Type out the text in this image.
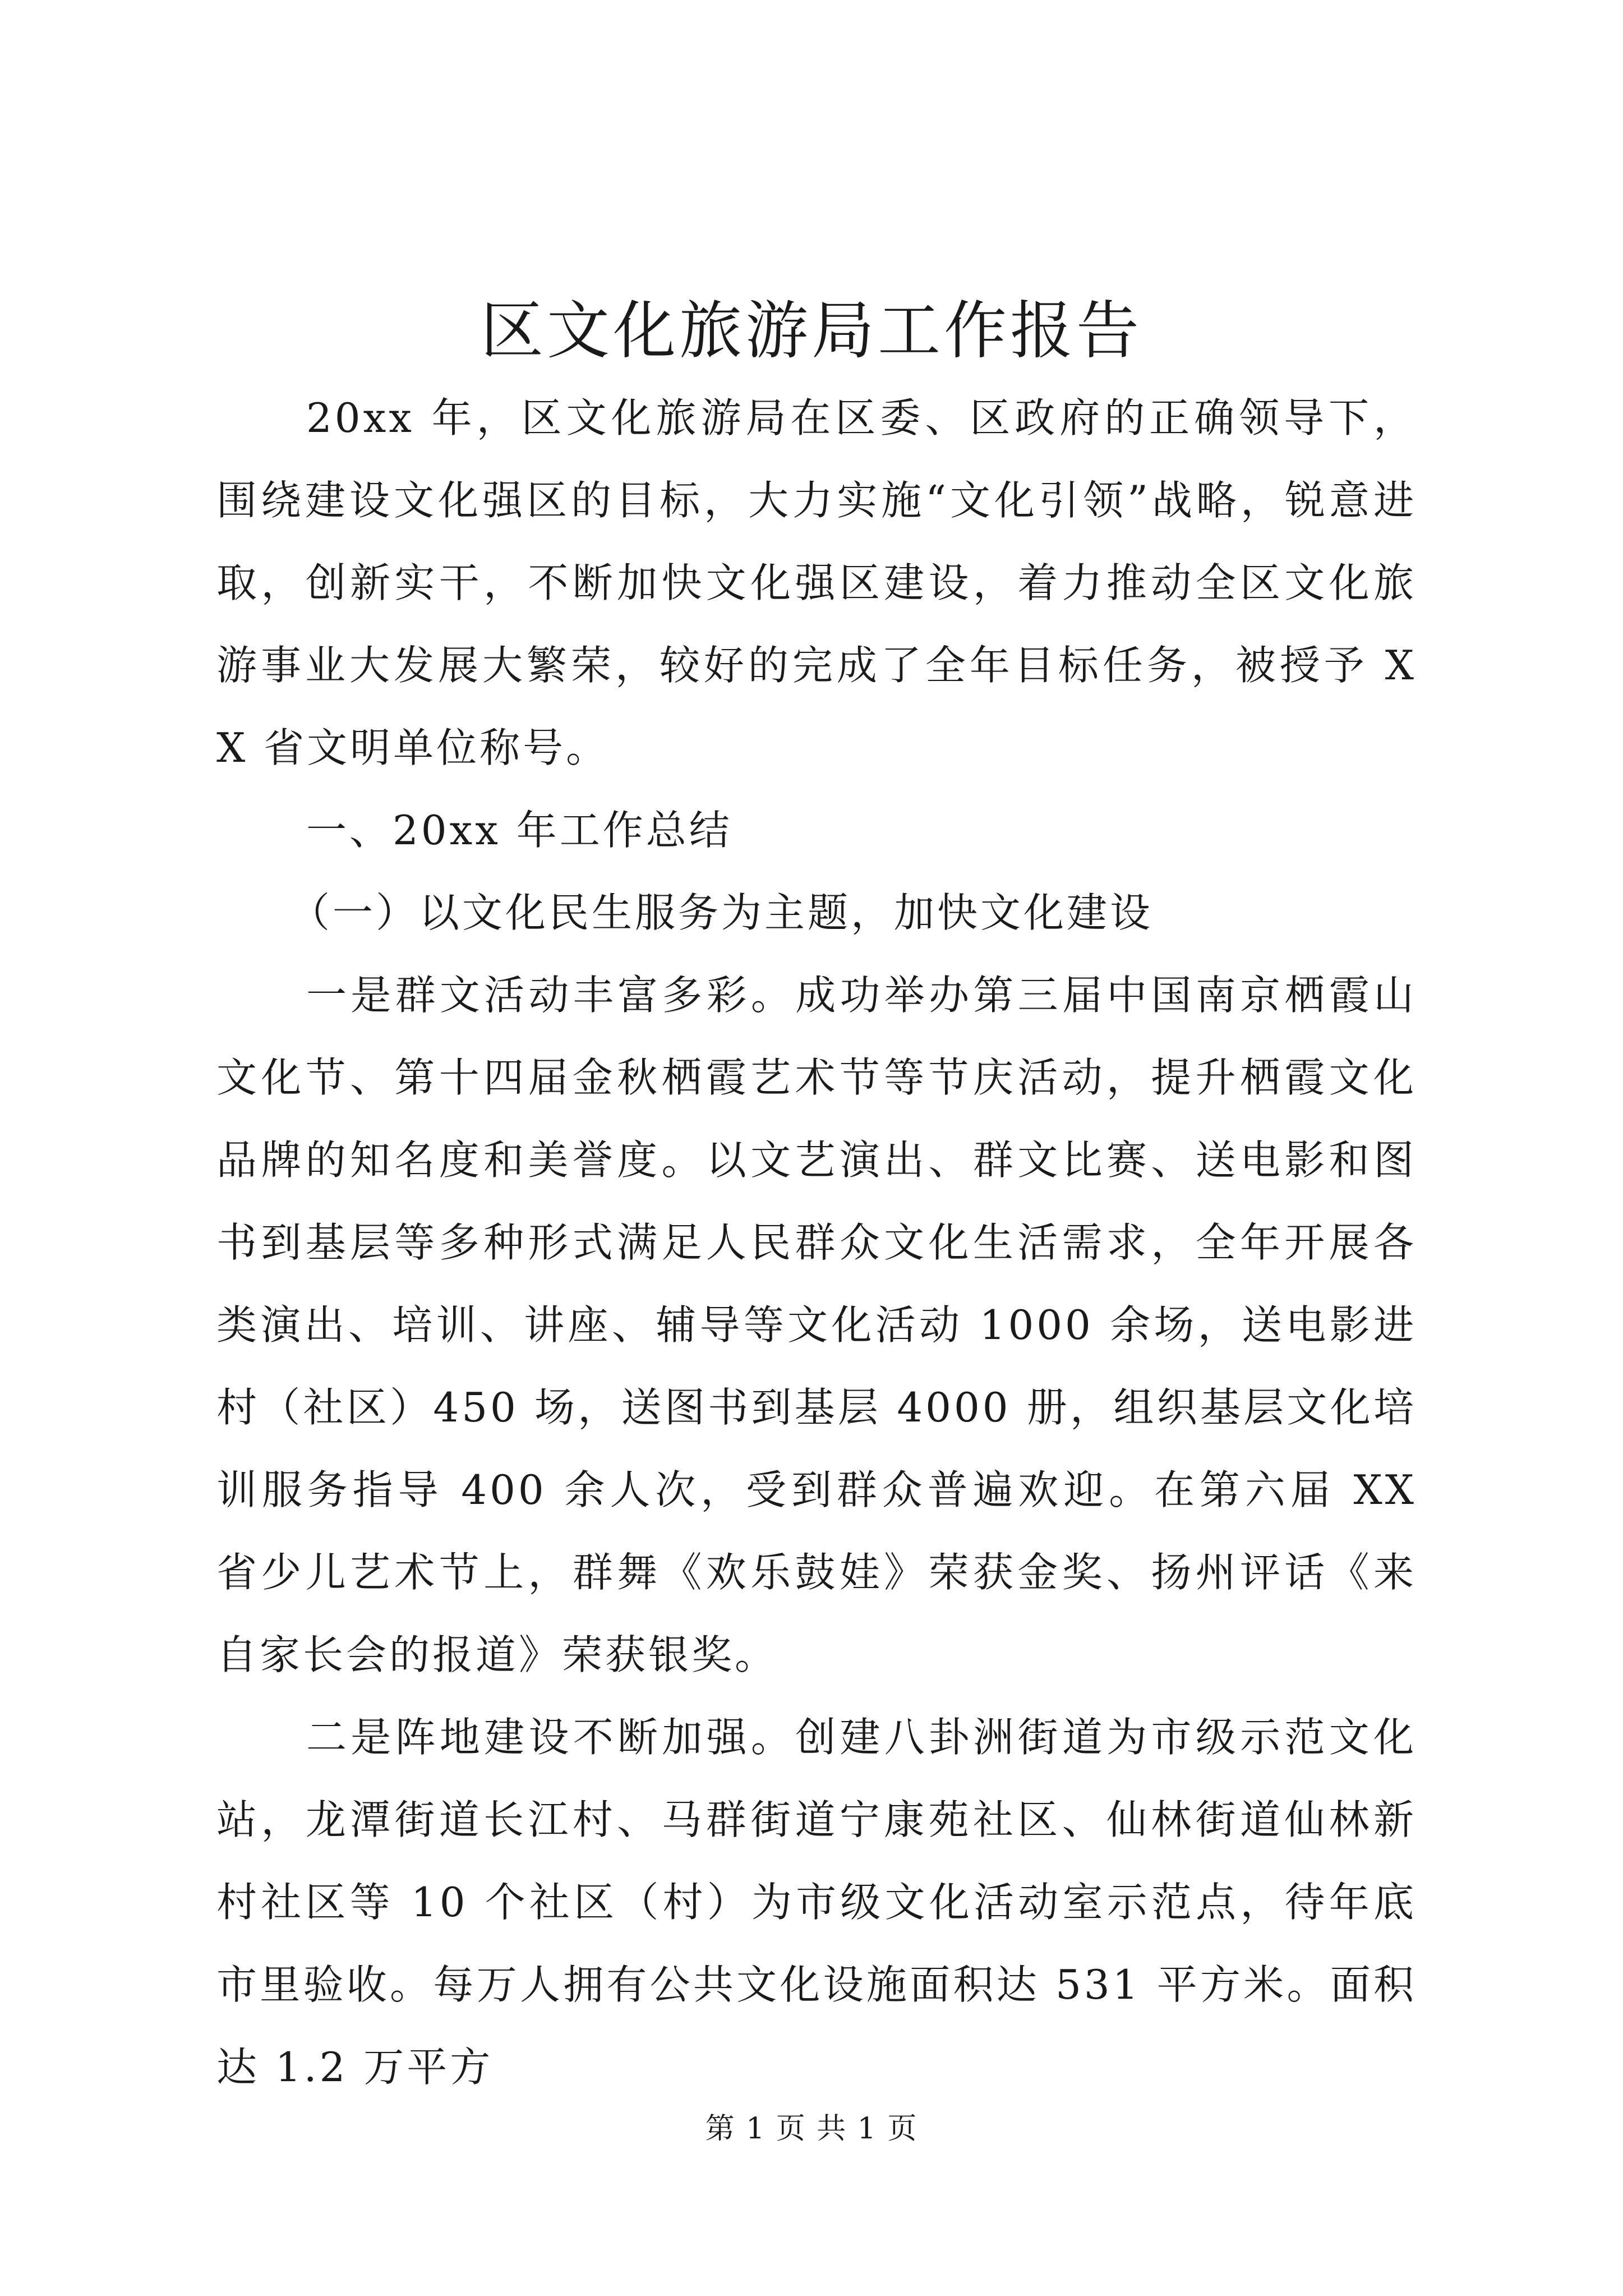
区文化旅游局工作报告

20xx 年，区文化旅游局在区委、区政府的正确领导下，围绕建设文化强区的目标，大力实施“文化引领”战略，锐意进取，创新实干，不断加快文化强区建设，着力推动全区文化旅游事业大发展大繁荣，较好的完成了全年目标任务，被授予 XX 省文明单位称号。

一、20xx 年工作总结

（一）以文化民生服务为主题，加快文化建设

一是群文活动丰富多彩。成功举办第三届中国南京栖霞山文化节、第十四届金秋栖霞艺术节等节庆活动，提升栖霞文化品牌的知名度和美誉度。以文艺演出、群文比赛、送电影和图书到基层等多种形式满足人民群众文化生活需求，全年开展各类演出、培训、讲座、辅导等文化活动 1000 余场，送电影进村（社区）450 场，送图书到基层 4000 册，组织基层文化培训服务指导 400 余人次，受到群众普遍欢迎。在第六届 XX 省少儿艺术节上，群舞《欢乐鼓娃》荣获金奖、扬州评话《来自家长会的报道》荣获银奖。

二是阵地建设不断加强。创建八卦洲街道为市级示范文化站，龙潭街道长江村、马群街道宁康苑社区、仙林街道仙林新村社区等 10 个社区（村）为市级文化活动室示范点，待年底市里验收。每万人拥有公共文化设施面积达 531 平方米。面积达 1.2 万平方

第 1 页 共 1 页
